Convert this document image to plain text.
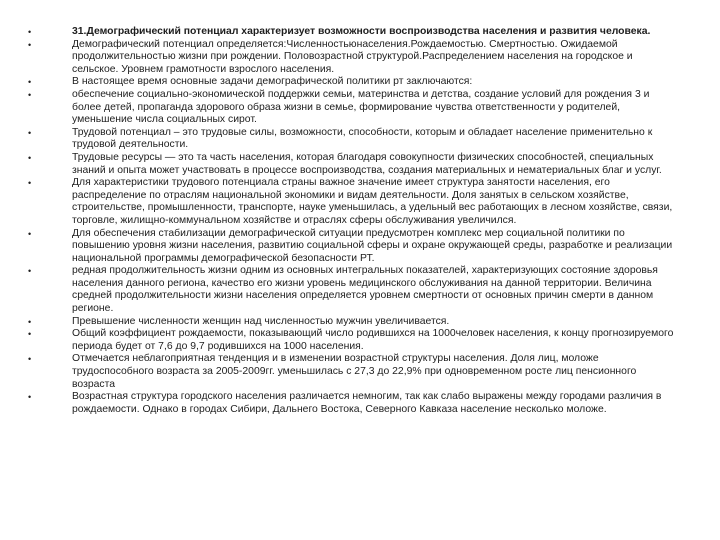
•	31.Демографический потенциал характеризует возможности воспроизводства населения и развития человека.
•	Демографический потенциал определяется:Численностьюнаселения.Рождаемостью. Смертностью. Ожидаемой продолжительностью жизни при рождении. Половозрастной структурой.Распределением населения на городское и сельское. Уровнем грамотности взрослого населения.
•	В настоящее время основные задачи демографической политики рт заключаются:
•	обеспечение социально-экономической поддержки семьи, материнства и детства, создание условий для рождения 3 и более детей, пропаганда здорового образа жизни в семье, формирование чувства ответственности у родителей, уменьшение числа социальных сирот.
•	Трудовой потенциал – это трудовые силы, возможности, способности, которым и обладает население применительно к трудовой деятельности.
•	Трудовые ресурсы — это та часть населения, которая благодаря совокупности физических способностей, специальных знаний и опыта может участвовать в процессе воспроизводства, создания материальных и нематериальных благ и услуг.
•	Для характеристики трудового потенциала страны важное значение имеет структура занятости населения, его распределение по отраслям национальной экономики и видам деятельности. Доля занятых в сельском хозяйстве, строительстве, промышленности, транспорте, науке уменьшилась, а удельный вес работающих в лесном хозяйстве, связи, торговле, жилищно-коммунальном хозяйстве и отраслях сферы обслуживания увеличился.
•	Для обеспечения стабилизации демографической ситуации предусмотрен комплекс мер социальной политики по повышению уровня жизни населения, развитию социальной сферы и охране окружающей среды, разработке и реализации национальной программы демографической безопасности РТ.
•	редная продолжительность жизни одним из основных интегральных показателей, характеризующих состояние здоровья населения данного региона, качество его жизни уровень медицинского обслуживания на данной территории. Величина средней продолжительности жизни населения определяется уровнем смертности от основных причин смерти в данном регионе.
•	Превышение численности женщин над численностью мужчин увеличивается.
•	Общий коэффициент рождаемости, показывающий число родившихся на 1000человек населения, к концу прогнозируемого периода будет от 7,6 до 9,7 родившихся на 1000 населения.
•	Отмечается неблагоприятная тенденция и в изменении возрастной структуры населения. Доля лиц, моложе трудоспособного возраста за 2005-2009гг. уменьшилась с 27,3 до 22,9% при одновременном росте лиц пенсионного возраста
•	Возрастная структура городского населения различается немногим, так как слабо выражены между городами различия в рождаемости. Однако в городах Сибири, Дальнего Востока, Северного Кавказа население несколько моложе.
